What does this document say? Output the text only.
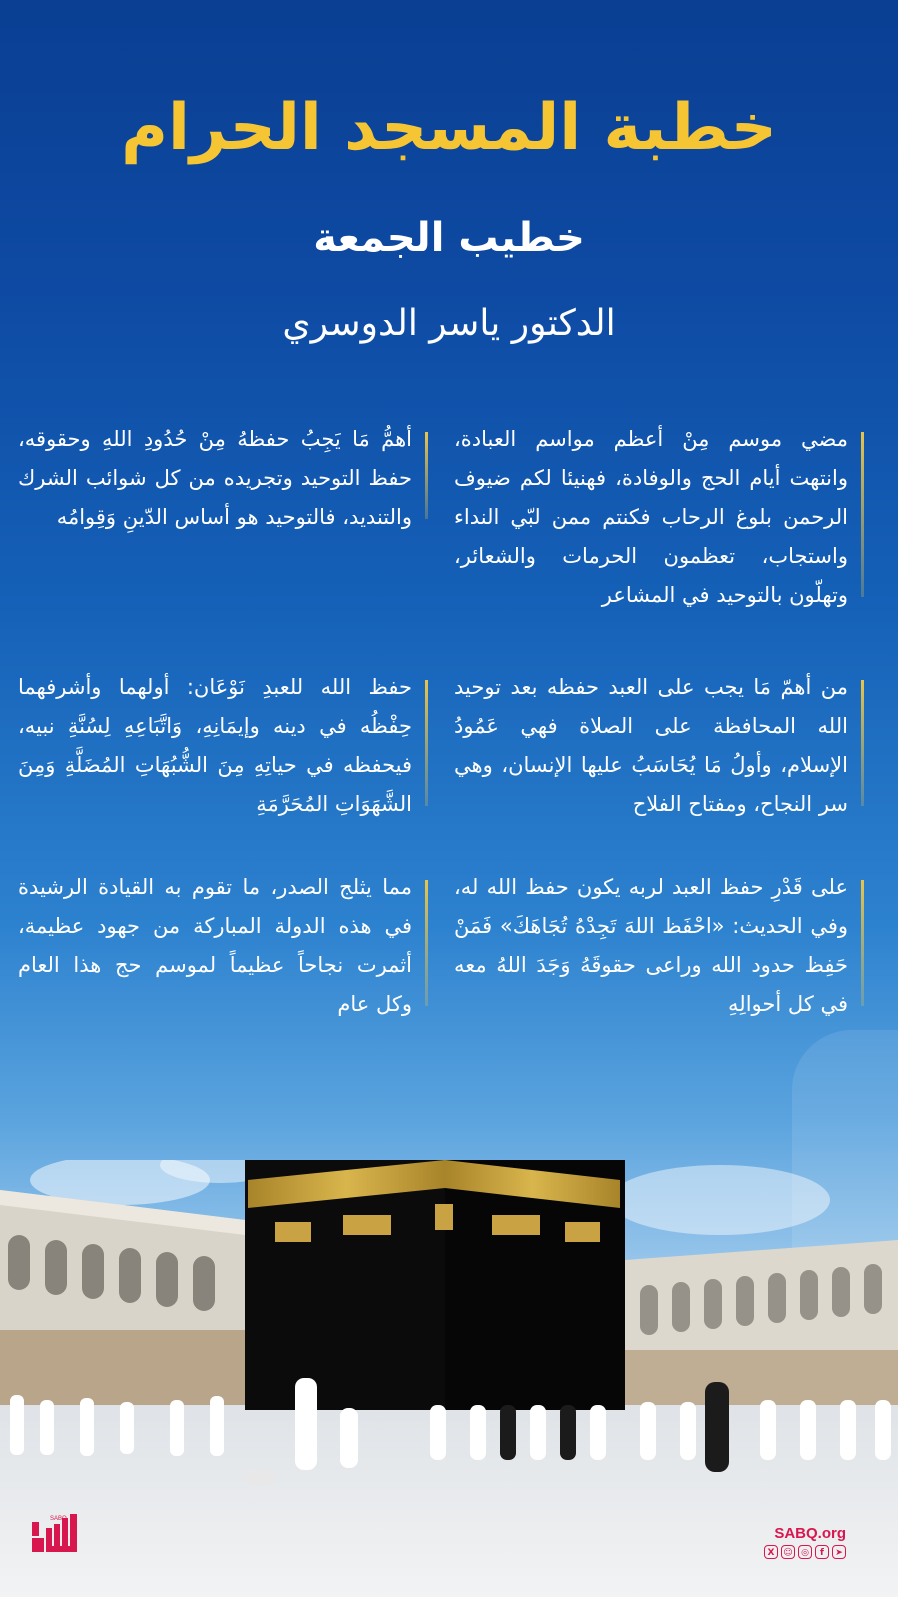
خطبة المسجد الحرام
خطيب الجمعة
الدكتور ياسر الدوسري
مضي موسم مِنْ أعظم مواسم العبادة، وانتهت أيام الحج والوفادة، فهنيئا لكم ضيوف الرحمن بلوغ الرحاب فكنتم ممن لبّي النداء واستجاب، تعظمون الحرمات والشعائر، وتهلّون بالتوحيد في المشاعر
أهمُّ مَا يَجِبُ حفظهُ مِنْ حُدُودِ اللهِ وحقوقه، حفظ التوحيد وتجريده من كل شوائب الشرك والتنديد، فالتوحيد هو أساس الدّينِ وَقِوامُه
من أهمّ مَا يجب على العبد حفظه بعد توحيد الله المحافظة على الصلاة فهي عَمُودُ الإسلام، وأولُ مَا يُحَاسَبُ عليها الإنسان، وهي سر النجاح، ومفتاح الفلاح
حفظ الله للعبدِ نَوْعَان: أولهما وأشرفهما حِفْظُه في دينه وإيمَانِهِ، وَاتَّبَاعِهِ لِسُنَّةِ نبيه، فيحفظه في حياتِهِ مِنَ الشُّبُهَاتِ المُضَلَّةِ وَمِنَ الشَّهَوَاتِ المُحَرَّمَةِ
على قَدْرِ حفظ العبد لربه يكون حفظ الله له، وفي الحديث: «احْفَظ اللهَ تَجِدْهُ تُجَاهَكَ» فَمَنْ حَفِظ حدود الله وراعى حقوقَهُ وَجَدَ اللهُ معه في كل أحوالِهِ
مما يثلج الصدر، ما تقوم به القيادة الرشيدة في هذه الدولة المباركة من جهود عظيمة، أثمرت نجاحاً عظيماً لموسم حج هذا العام وكل عام
SABQ
SABQ.org
X ☺ ◎	f	➤
